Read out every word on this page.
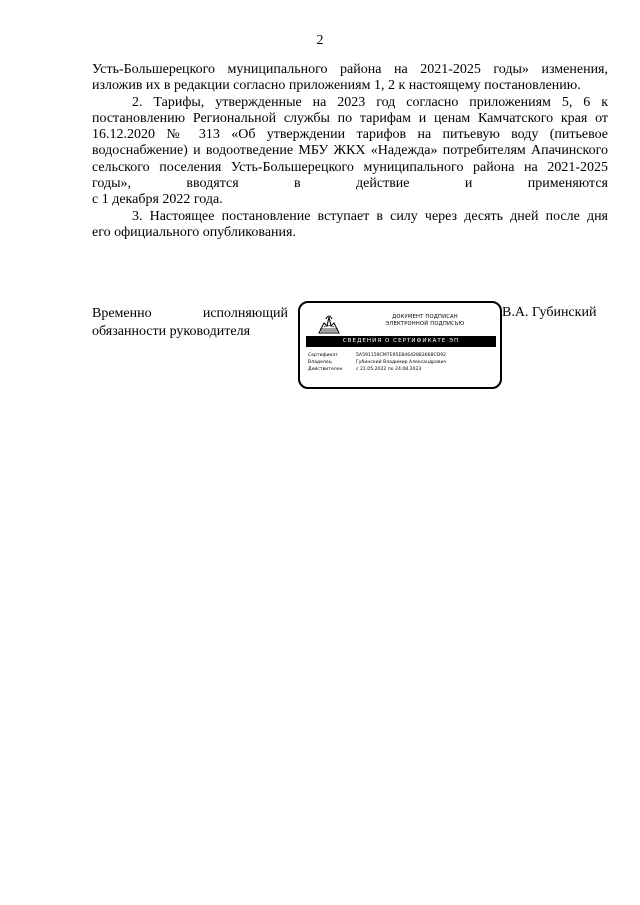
2

Усть-Большерецкого муниципального района на 2021-2025 годы» изменения,

изложив их в редакции согласно приложениям 1, 2 к настоящему постановлению.

2. Тарифы, утвержденные на 2023 год согласно приложениям 5, 6 к постановлению Региональной службы по тарифам и ценам Камчатского края от 16.12.2020 № 313 «Об утверждении тарифов на питьевую воду (питьевое водоснабжение) и водоотведение МБУ ЖКХ «Надежда» потребителям Апачинского сельского поселения Усть-Большерецкого муниципального района на 2021-2025 годы», вводятся в действие и применяются

с 1 декабря 2022 года.

3. Настоящее постановление вступает в силу через десять дней после дня

его официального опубликования.

Временно	исполняющий
обязанности руководителя
ДОКУМЕНТ ПОДПИСАН
ЭЛЕКТРОННОЙ ПОДПИСЬЮ
СВЕДЕНИЯ О СЕРТИФИКАТЕ ЭП
Сертификат	5A591159CM7E95E84642883668CD92
Владелец	Губинский Владимир Александрович
Действителен	с 21.05.2022 по 24.08.2023
В.А. Губинский
